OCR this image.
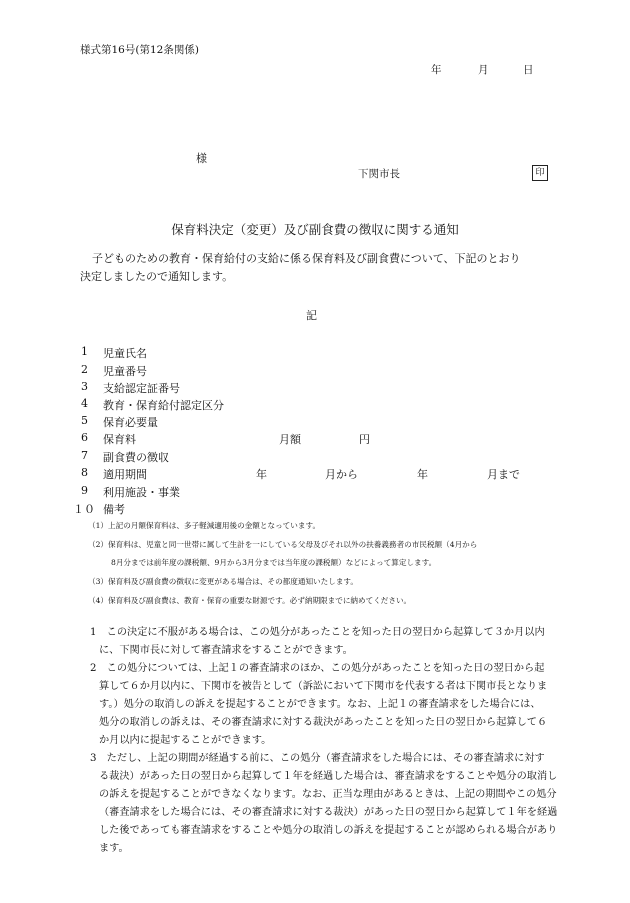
様式第16号(第12条関係)
年	月	日
様
下関市長	印
保育料決定（変更）及び副食費の徴収に関する通知
子どものための教育・保育給付の支給に係る保育料及び副食費について、下記のとおり
決定しましたので通知します。
記
1 児童氏名
2 児童番号
3 支給認定証番号
4 教育・保育給付認定区分
5 保育必要量
6 保育料	月額	円
7 副食費の徴収
8 適用期間	年	月から	年	月まで
9 利用施設・事業
１０ 備考
（1）上記の月額保育料は、多子軽減適用後の金額となっています。
（2）保育料は、児童と同一世帯に属して生計を一にしている父母及びそれ以外の扶養義務者の市民税額（4月から
8月分までは前年度の課税額、9月から3月分までは当年度の課税額）などによって算定します。
（3）保育料及び副食費の徴収に変更がある場合は、その都度通知いたします。
（4）保育料及び副食費は、教育・保育の重要な財源です。必ず納期限までに納めてください。
1　この決定に不服がある場合は、この処分があったことを知った日の翌日から起算して３か月以内
に、下関市長に対して審査請求をすることができます。
2　この処分については、上記１の審査請求のほか、この処分があったことを知った日の翌日から起
算して６か月以内に、下関市を被告として（訴訟において下関市を代表する者は下関市長となりま
す。）処分の取消しの訴えを提起することができます。なお、上記１の審査請求をした場合には、
処分の取消しの訴えは、その審査請求に対する裁決があったことを知った日の翌日から起算して６
か月以内に提起することができます。
3　ただし、上記の期間が経過する前に、この処分（審査請求をした場合には、その審査請求に対す
る裁決）があった日の翌日から起算して１年を経過した場合は、審査請求をすることや処分の取消し
の訴えを提起することができなくなります。なお、正当な理由があるときは、上記の期間やこの処分
（審査請求をした場合には、その審査請求に対する裁決）があった日の翌日から起算して１年を経過
した後であっても審査請求をすることや処分の取消しの訴えを提起することが認められる場合があり
ます。
